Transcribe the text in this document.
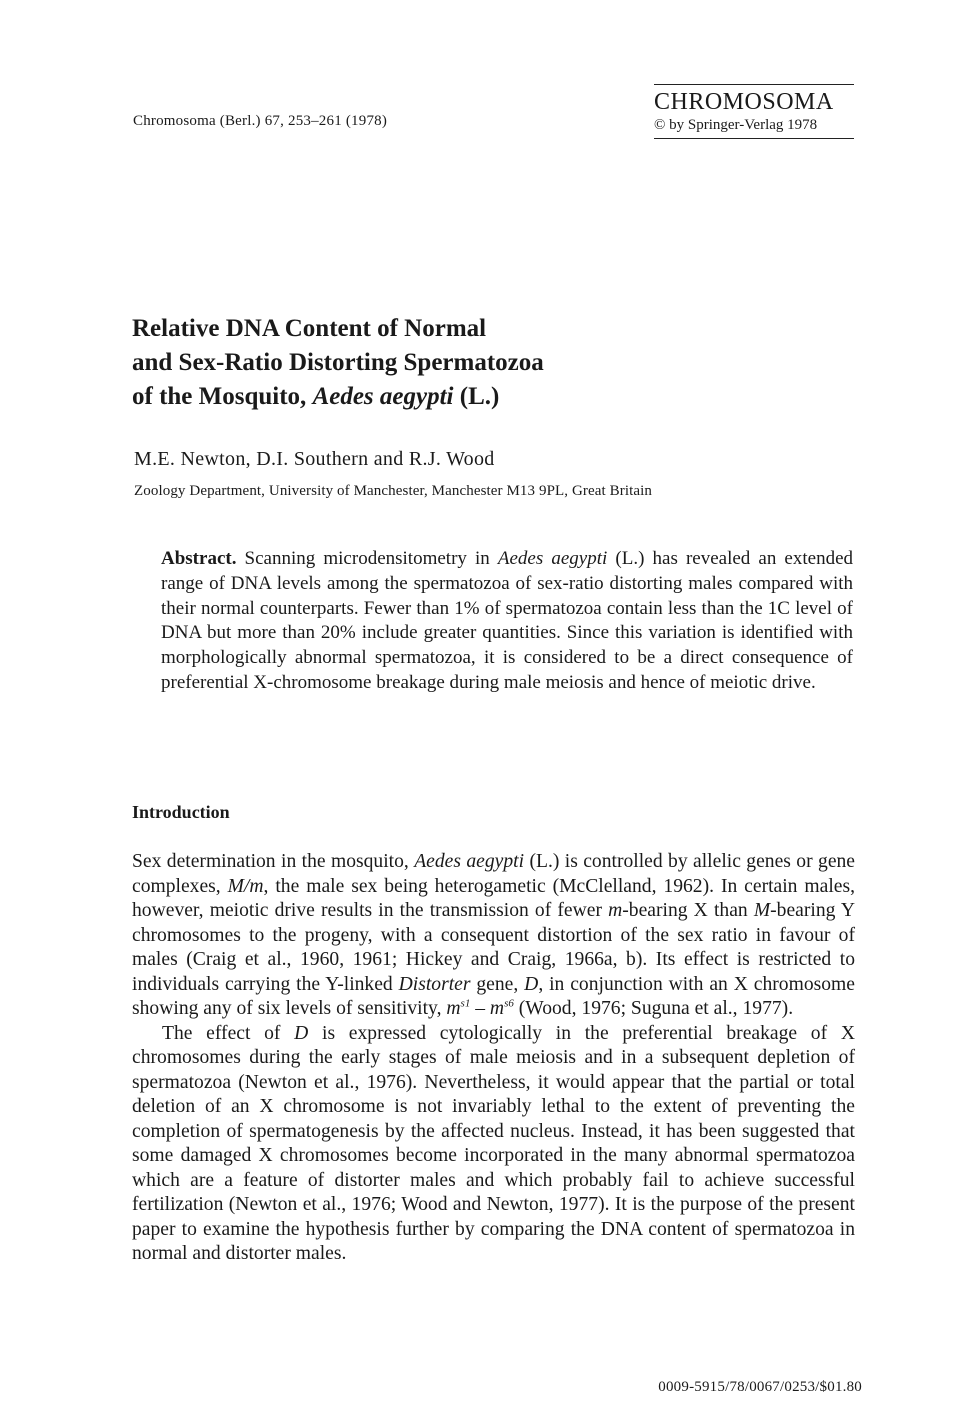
Chromosoma (Berl.) 67, 253–261 (1978)
CHROMOSOMA
© by Springer-Verlag 1978
Relative DNA Content of Normal
and Sex-Ratio Distorting Spermatozoa
of the Mosquito, Aedes aegypti (L.)
M.E. Newton, D.I. Southern and R.J. Wood
Zoology Department, University of Manchester, Manchester M13 9PL, Great Britain
Abstract. Scanning microdensitometry in Aedes aegypti (L.) has revealed an extended range of DNA levels among the spermatozoa of sex-ratio distorting males compared with their normal counterparts. Fewer than 1% of spermatozoa contain less than the 1C level of DNA but more than 20% include greater quantities. Since this variation is identified with morphologically abnormal spermatozoa, it is considered to be a direct consequence of preferential X-chromosome breakage during male meiosis and hence of meiotic drive.
Introduction

Sex determination in the mosquito, Aedes aegypti (L.) is controlled by allelic genes or gene complexes, M/m, the male sex being heterogametic (McClelland, 1962). In certain males, however, meiotic drive results in the transmission of fewer m-bearing X than M-bearing Y chromosomes to the progeny, with a consequent distortion of the sex ratio in favour of males (Craig et al., 1960, 1961; Hickey and Craig, 1966a, b). Its effect is restricted to individuals carrying the Y-linked Distorter gene, D, in conjunction with an X chromosome showing any of six levels of sensitivity, $m^{s1} - m^{s6}$ (Wood, 1976; Suguna et al., 1977).

The effect of D is expressed cytologically in the preferential breakage of X chromosomes during the early stages of male meiosis and in a subsequent depletion of spermatozoa (Newton et al., 1976). Nevertheless, it would appear that the partial or total deletion of an X chromosome is not invariably lethal to the extent of preventing the completion of spermatogenesis by the affected nucleus. Instead, it has been suggested that some damaged X chromosomes become incorporated in the many abnormal spermatozoa which are a feature of distorter males and which probably fail to achieve successful fertilization (Newton et al., 1976; Wood and Newton, 1977). It is the purpose of the present paper to examine the hypothesis further by comparing the DNA content of spermatozoa in normal and distorter males.

0009-5915/78/0067/0253/$01.80
